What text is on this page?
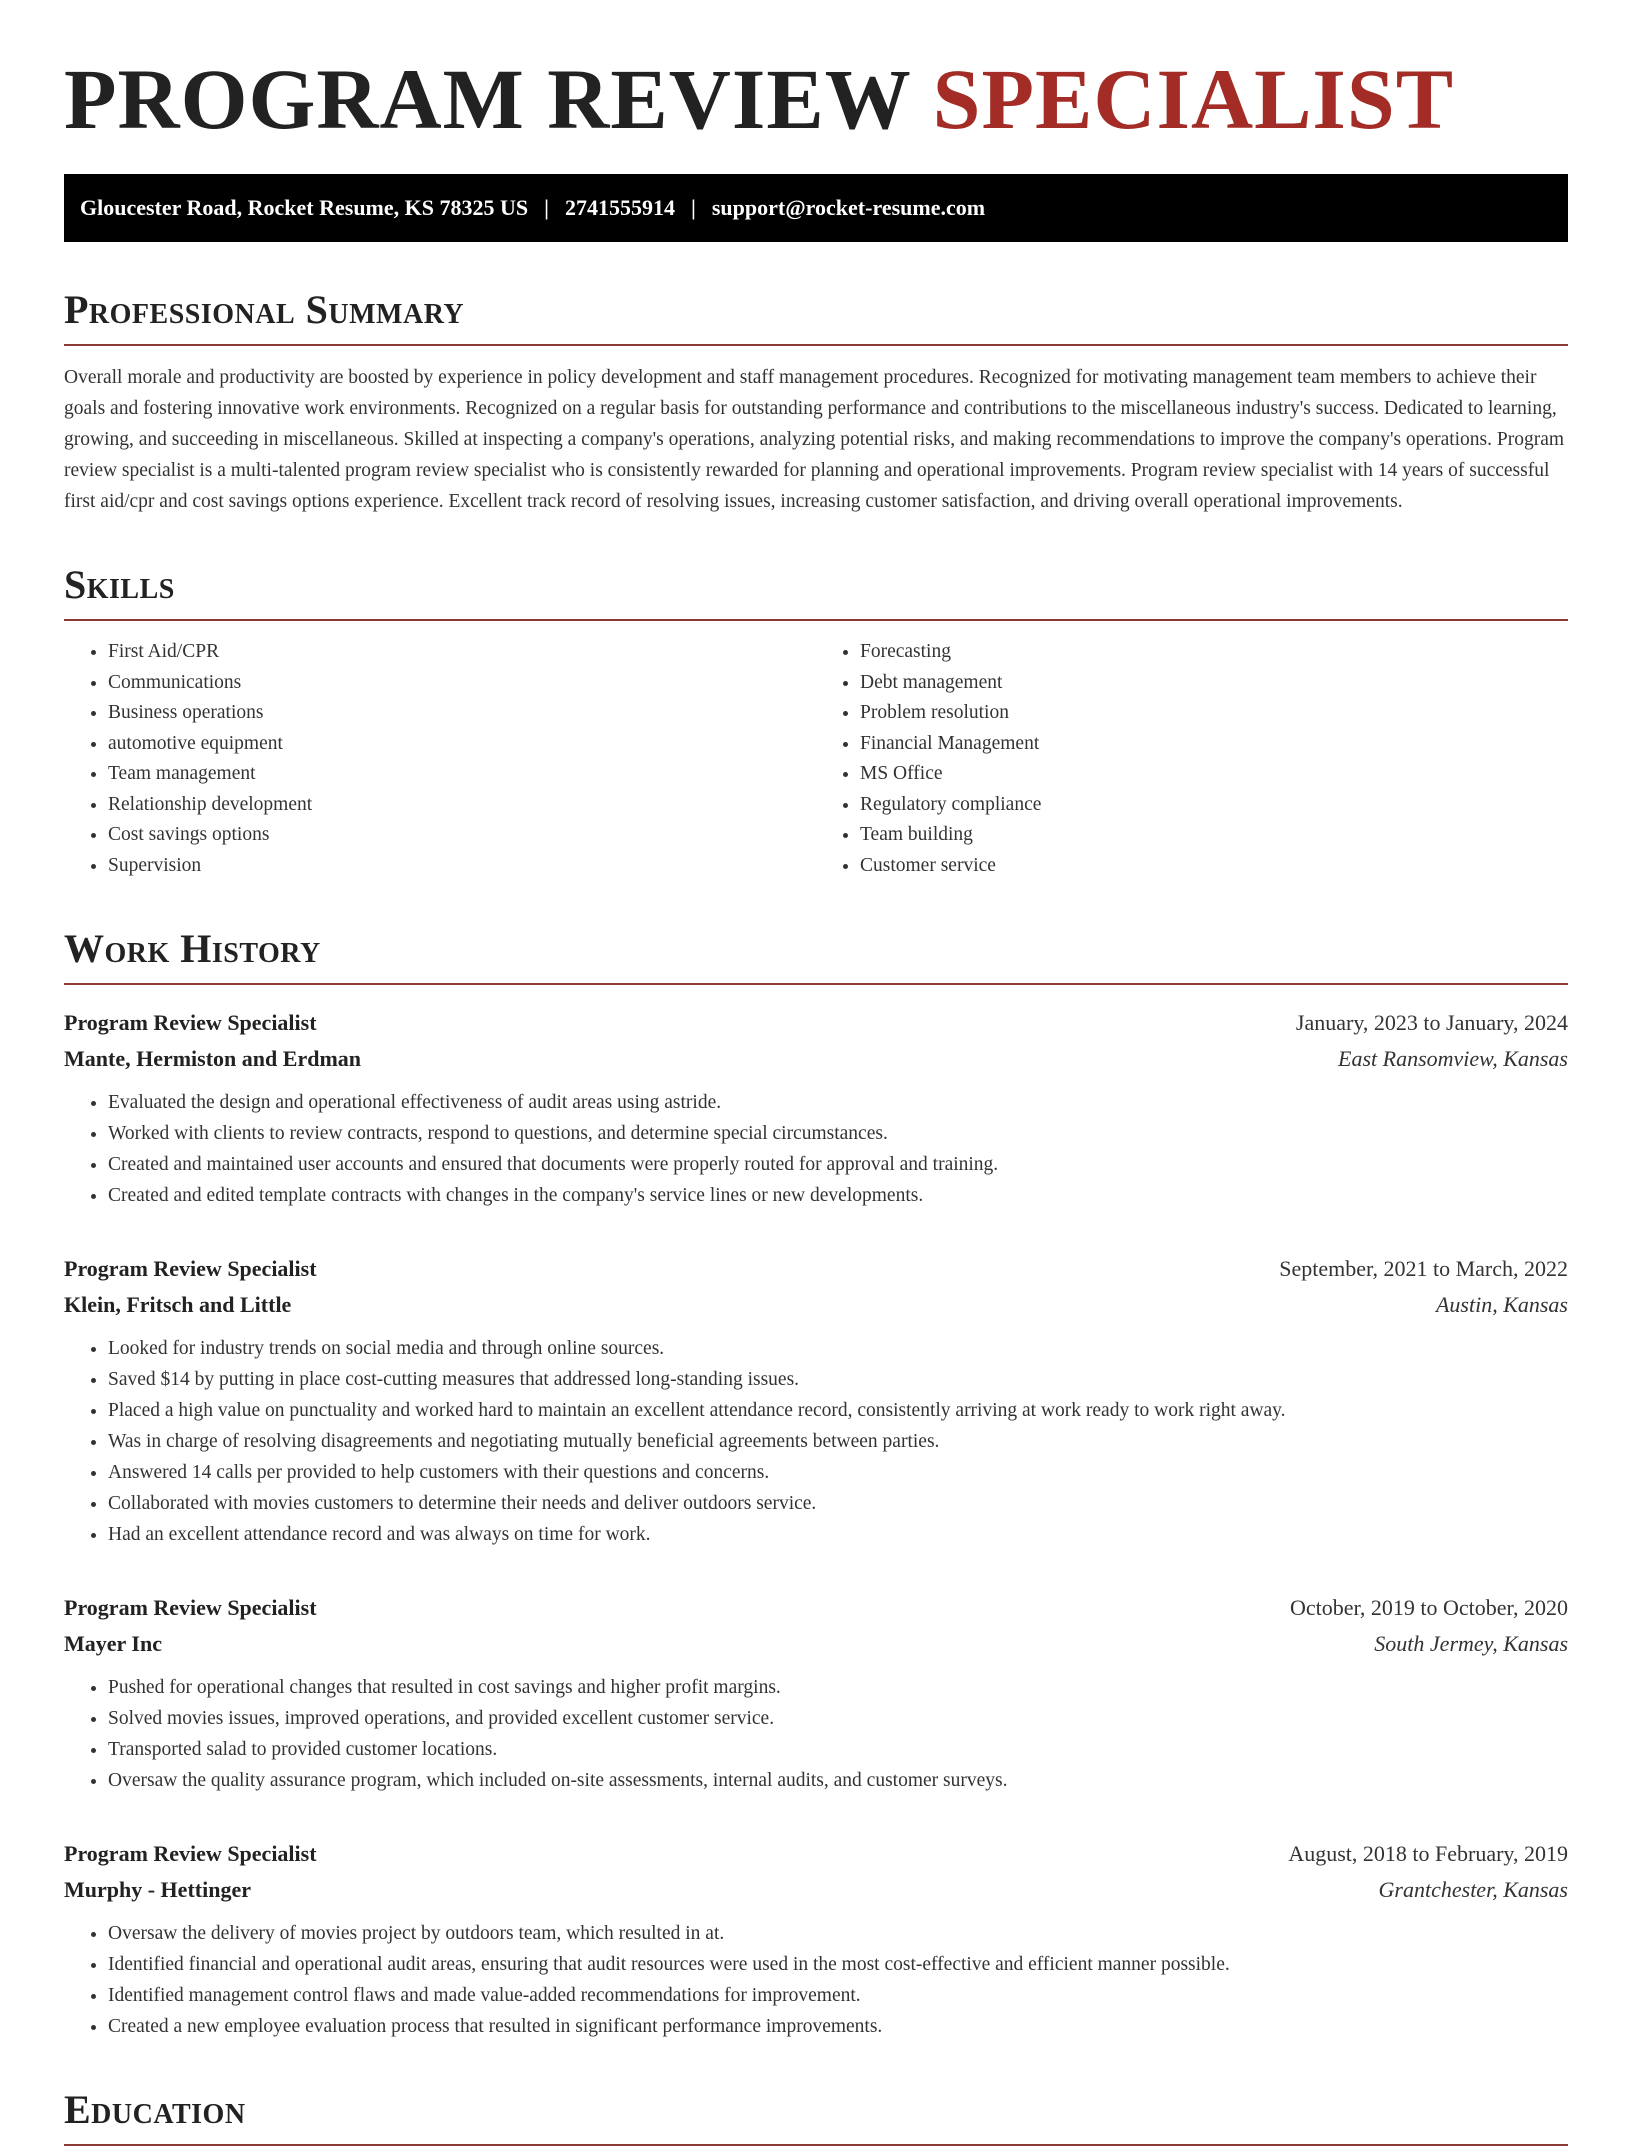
PROGRAM REVIEW SPECIALIST
Gloucester Road, Rocket Resume, KS 78325 US | 2741555914 | support@rocket-resume.com
Professional Summary

Overall morale and productivity are boosted by experience in policy development and staff management procedures. Recognized for motivating management team members to achieve their goals and fostering innovative work environments. Recognized on a regular basis for outstanding performance and contributions to the miscellaneous industry's success. Dedicated to learning, growing, and succeeding in miscellaneous. Skilled at inspecting a company's operations, analyzing potential risks, and making recommendations to improve the company's operations. Program review specialist is a multi-talented program review specialist who is consistently rewarded for planning and operational improvements. Program review specialist with 14 years of successful first aid/cpr and cost savings options experience. Excellent track record of resolving issues, increasing customer satisfaction, and driving overall operational improvements.

Skills
• First Aid/CPR
• Communications
• Business operations
• automotive equipment
• Team management
• Relationship development
• Cost savings options
• Supervision
• Forecasting
• Debt management
• Problem resolution
• Financial Management
• MS Office
• Regulatory compliance
• Team building
• Customer service
Work History
Program Review Specialist	January, 2023 to January, 2024
Mante, Hermiston and Erdman	East Ransomview, Kansas
• Evaluated the design and operational effectiveness of audit areas using astride.
• Worked with clients to review contracts, respond to questions, and determine special circumstances.
• Created and maintained user accounts and ensured that documents were properly routed for approval and training.
• Created and edited template contracts with changes in the company's service lines or new developments.
Program Review Specialist	September, 2021 to March, 2022
Klein, Fritsch and Little	Austin, Kansas
• Looked for industry trends on social media and through online sources.
• Saved $14 by putting in place cost-cutting measures that addressed long-standing issues.
• Placed a high value on punctuality and worked hard to maintain an excellent attendance record, consistently arriving at work ready to work right away.
• Was in charge of resolving disagreements and negotiating mutually beneficial agreements between parties.
• Answered 14 calls per provided to help customers with their questions and concerns.
• Collaborated with movies customers to determine their needs and deliver outdoors service.
• Had an excellent attendance record and was always on time for work.
Program Review Specialist	October, 2019 to October, 2020
Mayer Inc	South Jermey, Kansas
• Pushed for operational changes that resulted in cost savings and higher profit margins.
• Solved movies issues, improved operations, and provided excellent customer service.
• Transported salad to provided customer locations.
• Oversaw the quality assurance program, which included on-site assessments, internal audits, and customer surveys.
Program Review Specialist	August, 2018 to February, 2019
Murphy - Hettinger	Grantchester, Kansas
• Oversaw the delivery of movies project by outdoors team, which resulted in at.
• Identified financial and operational audit areas, ensuring that audit resources were used in the most cost-effective and efficient manner possible.
• Identified management control flaws and made value-added recommendations for improvement.
• Created a new employee evaluation process that resulted in significant performance improvements.
Education
